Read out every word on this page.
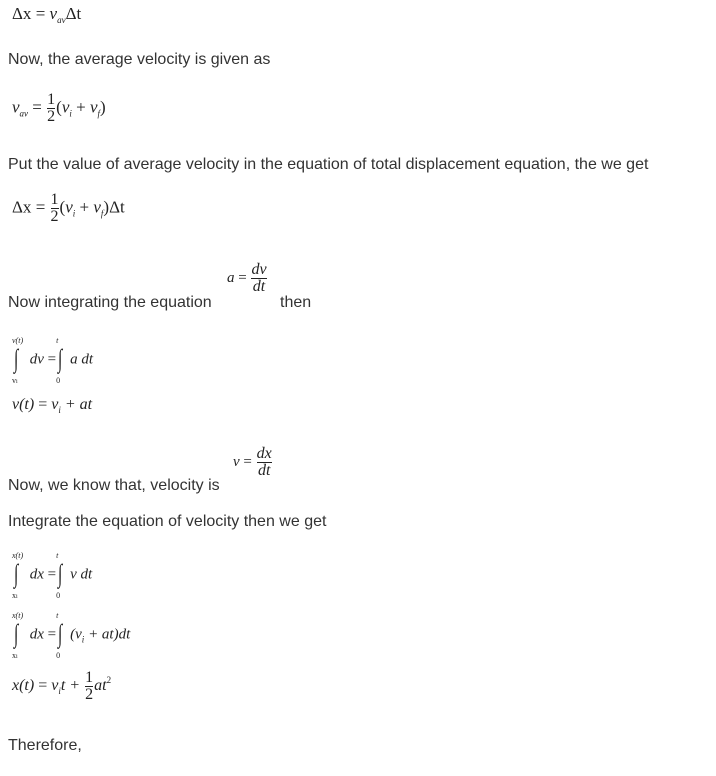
$\Delta x = v_{av}\Delta t$
Now, the average velocity is given as
$v_{av} = \frac{1}{2} (v_i + v_f)$
Put the value of average velocity in the equation of total displacement equation, the we get
$\Delta x = \frac{1}{2} (v_i + v_f)\Delta t$
Now integrating the equation
$a = \frac{dv}{dt}$
then
v(t)
∫
vi
dv =
t
∫
0
a dt
$v(t) = v_i$ + at
Now, we know that, velocity is
$v = \frac{dx}{dt}$
Integrate the equation of velocity then we get
x(t)
∫
xi
dx =
t
∫
0
v dt
x(t)
∫
xi
dx =
t
∫
0
$(v_i + at)dt$
$x(t) = v_it + \frac{1}{2} at^2$
Therefore,
